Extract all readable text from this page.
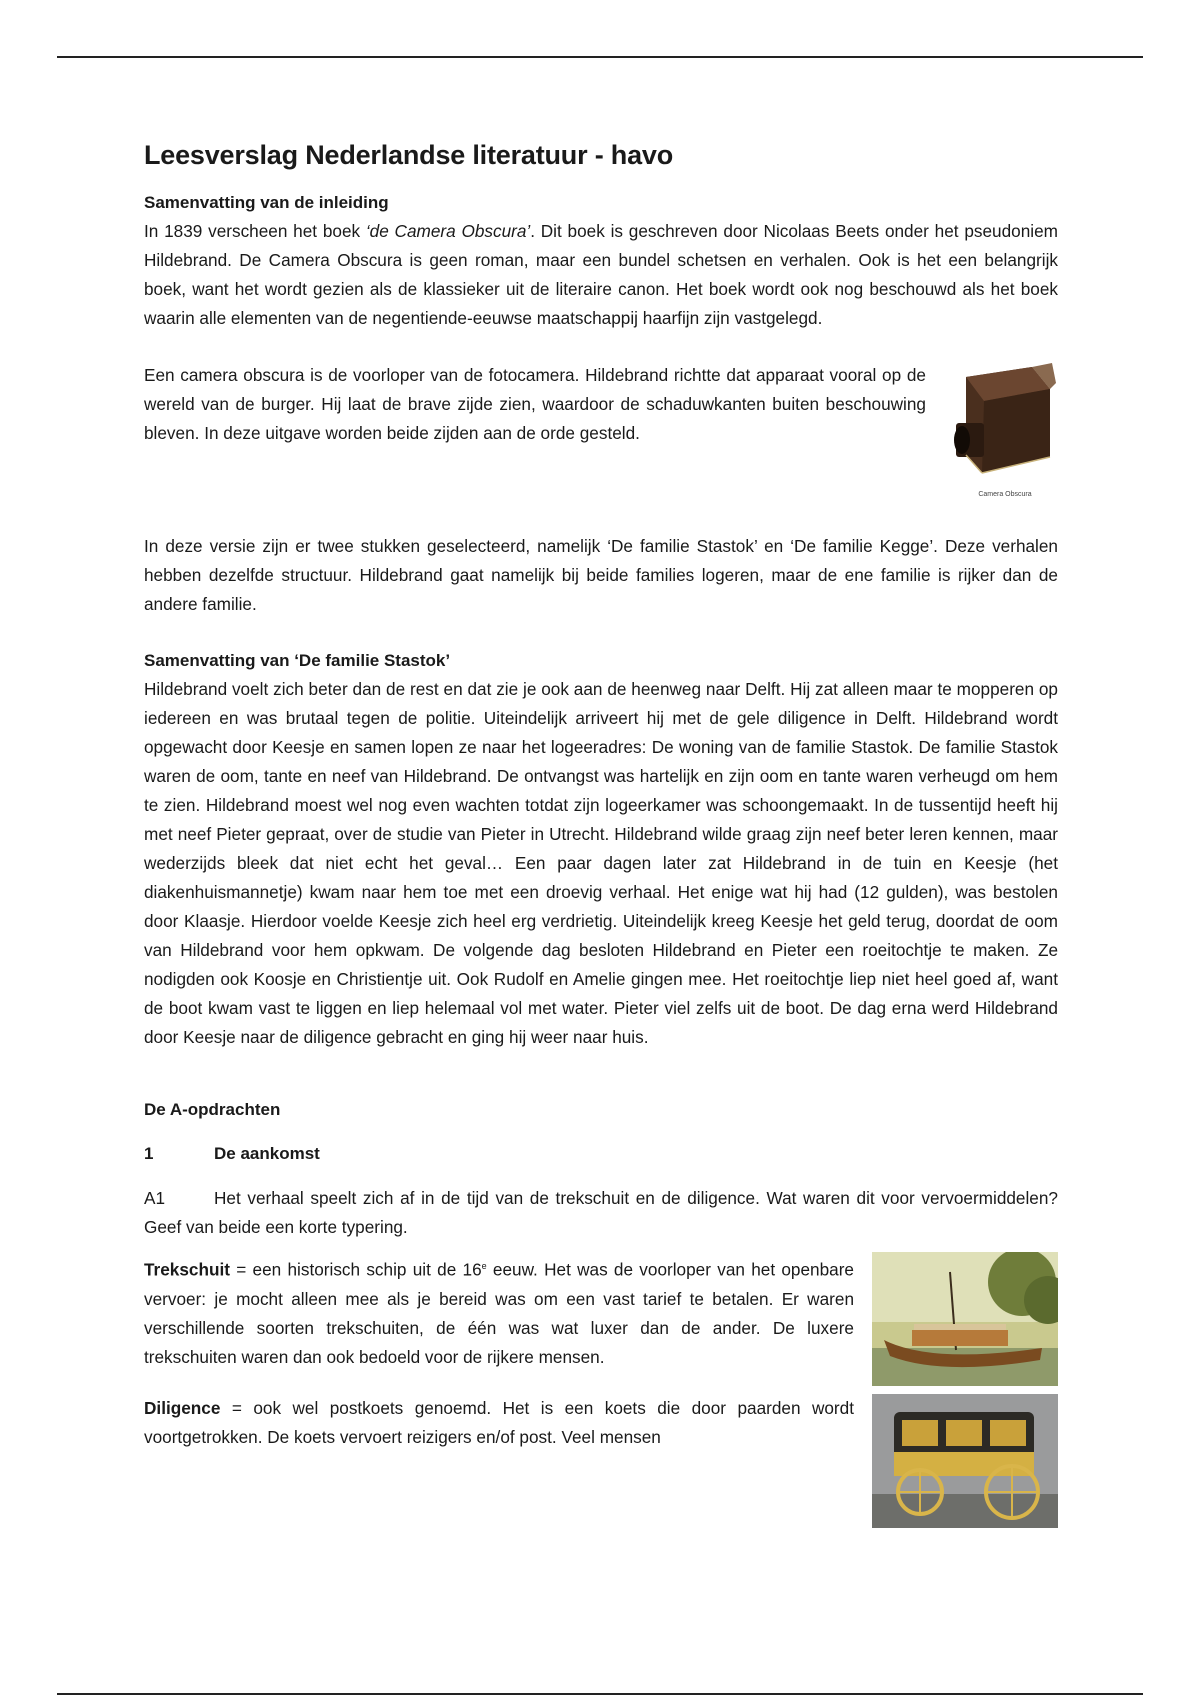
Leesverslag Nederlandse literatuur - havo
Samenvatting van de inleiding

In 1839 verscheen het boek ‘de Camera Obscura’. Dit boek is geschreven door Nicolaas Beets onder het pseudoniem Hildebrand. De Camera Obscura is geen roman, maar een bundel schetsen en verhalen. Ook is het een belangrijk boek, want het wordt gezien als de klassieker uit de literaire canon. Het boek wordt ook nog beschouwd als het boek waarin alle elementen van de negentiende-eeuwse maatschappij haarfijn zijn vastgelegd.

Camera Obscura

Een camera obscura is de voorloper van de fotocamera. Hildebrand richtte dat apparaat vooral op de wereld van de burger. Hij laat de brave zijde zien, waardoor de schaduwkanten buiten beschouwing bleven. In deze uitgave worden beide zijden aan de orde gesteld.

In deze versie zijn er twee stukken geselecteerd, namelijk ‘De familie Stastok’ en ‘De familie Kegge’. Deze verhalen hebben dezelfde structuur. Hildebrand gaat namelijk bij beide families logeren, maar de ene familie is rijker dan de andere familie.

Samenvatting van ‘De familie Stastok’

Hildebrand voelt zich beter dan de rest en dat zie je ook aan de heenweg naar Delft. Hij zat alleen maar te mopperen op iedereen en was brutaal tegen de politie. Uiteindelijk arriveert hij met de gele diligence in Delft. Hildebrand wordt opgewacht door Keesje en samen lopen ze naar het logeeradres: De woning van de familie Stastok. De familie Stastok waren de oom, tante en neef van Hildebrand. De ontvangst was hartelijk en zijn oom en tante waren verheugd om hem te zien. Hildebrand moest wel nog even wachten totdat zijn logeerkamer was schoongemaakt. In de tussentijd heeft hij met neef Pieter gepraat, over de studie van Pieter in Utrecht. Hildebrand wilde graag zijn neef beter leren kennen, maar wederzijds bleek dat niet echt het geval… Een paar dagen later zat Hildebrand in de tuin en Keesje (het diakenhuismannetje) kwam naar hem toe met een droevig verhaal. Het enige wat hij had (12 gulden), was bestolen door Klaasje. Hierdoor voelde Keesje zich heel erg verdrietig. Uiteindelijk kreeg Keesje het geld terug, doordat de oom van Hildebrand voor hem opkwam. De volgende dag besloten Hildebrand en Pieter een roeitochtje te maken. Ze nodigden ook Koosje en Christientje uit. Ook Rudolf en Amelie gingen mee. Het roeitochtje liep niet heel goed af, want de boot kwam vast te liggen en liep helemaal vol met water. Pieter viel zelfs uit de boot. De dag erna werd Hildebrand door Keesje naar de diligence gebracht en ging hij weer naar huis.

De A-opdrachten
1	De aankomst

A1	Het verhaal speelt zich af in de tijd van de trekschuit en de diligence. Wat waren dit voor vervoermiddelen? Geef van beide een korte typering.

Trekschuit = een historisch schip uit de 16e eeuw. Het was de voorloper van het openbare vervoer: je mocht alleen mee als je bereid was om een vast tarief te betalen. Er waren verschillende soorten trekschuiten, de één was wat luxer dan de ander. De luxere trekschuiten waren dan ook bedoeld voor de rijkere mensen.

Diligence = ook wel postkoets genoemd. Het is een koets die door paarden wordt voortgetrokken. De koets vervoert reizigers en/of post. Veel mensen
